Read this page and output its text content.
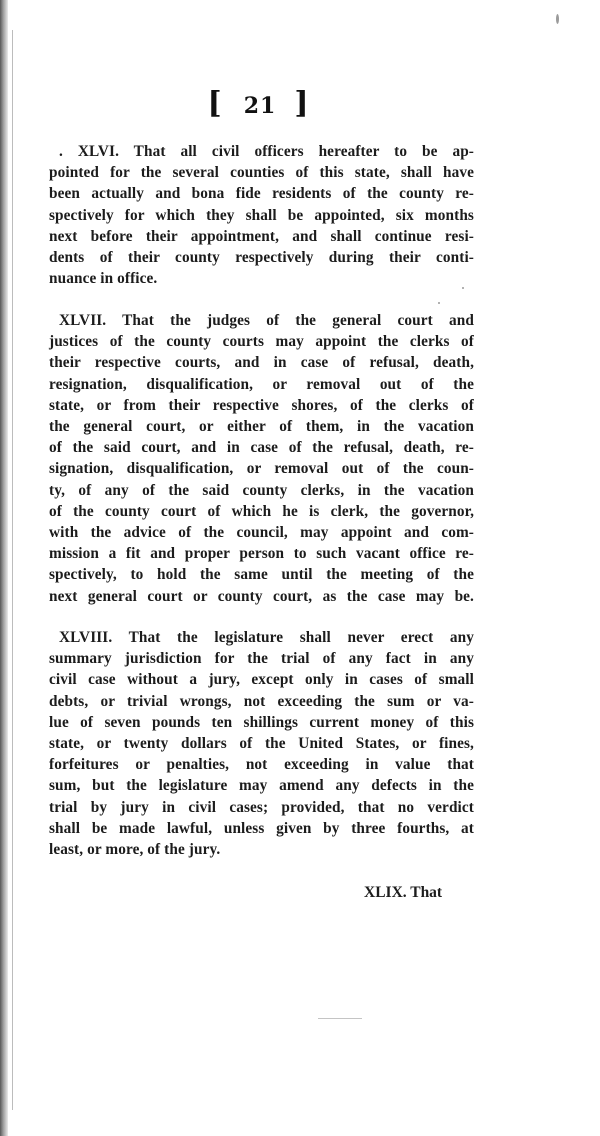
[ 21 ]
. XLVI. That all civil officers hereafter to be ap-
pointed for the several counties of this state, shall have
been actually and bona fide residents of the county re-
spectively for which they shall be appointed, six months
next before their appointment, and shall continue resi-
dents of their county respectively during their conti-
nuance in office.
XLVII. That the judges of the general court and
justices of the county courts may appoint the clerks of
their respective courts, and in case of refusal, death,
resignation, disqualification, or removal out of the
state, or from their respective shores, of the clerks of
the general court, or either of them, in the vacation
of the said court, and in case of the refusal, death, re-
signation, disqualification, or removal out of the coun-
ty, of any of the said county clerks, in the vacation
of the county court of which he is clerk, the governor,
with the advice of the council, may appoint and com-
mission a fit and proper person to such vacant office re-
spectively, to hold the same until the meeting of the
next general court or county court, as the case may be.
XLVIII. That the legislature shall never erect any
summary jurisdiction for the trial of any fact in any
civil case without a jury, except only in cases of small
debts, or trivial wrongs, not exceeding the sum or va-
lue of seven pounds ten shillings current money of this
state, or twenty dollars of the United States, or fines,
forfeitures or penalties, not exceeding in value that
sum, but the legislature may amend any defects in the
trial by jury in civil cases; provided, that no verdict
shall be made lawful, unless given by three fourths, at
least, or more, of the jury.
XLIX. That
